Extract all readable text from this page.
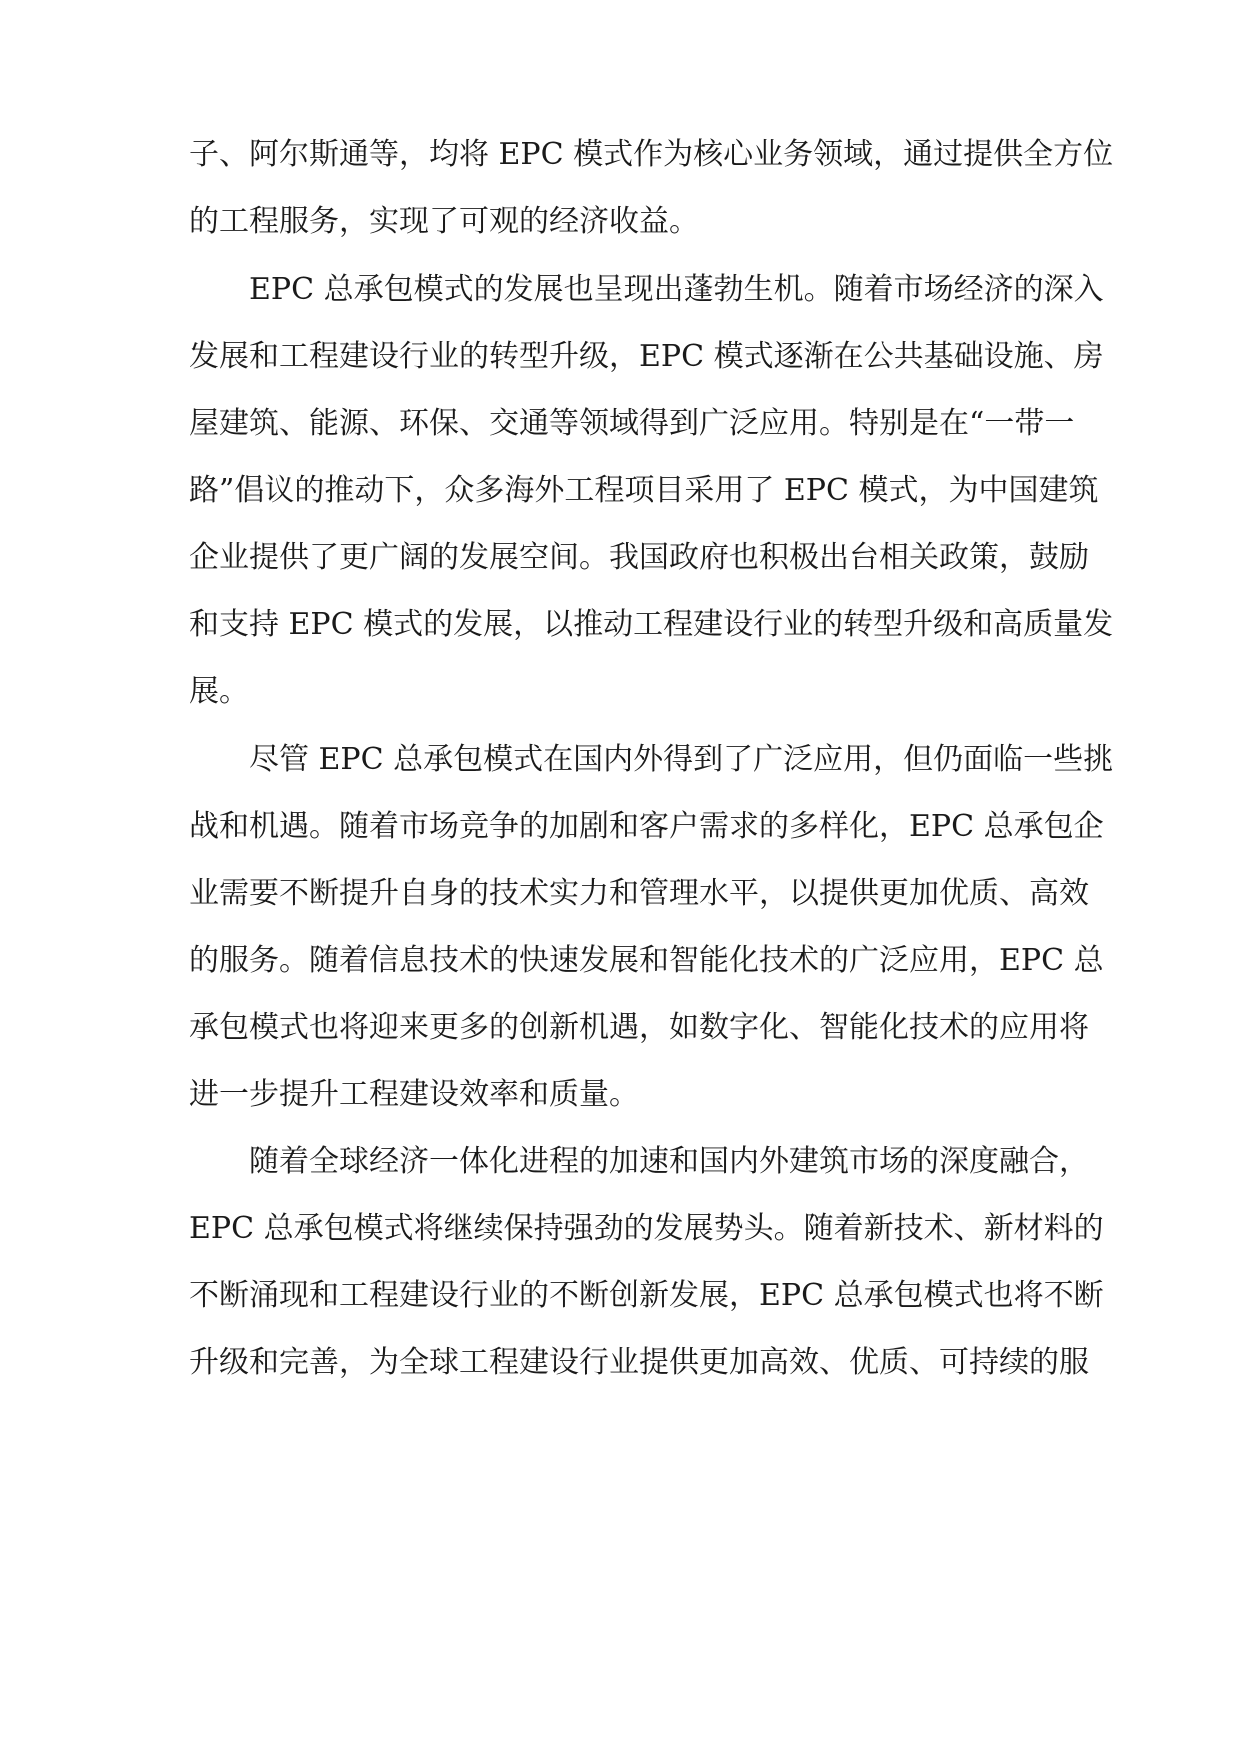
子、阿尔斯通等，均将 EPC 模式作为核心业务领域，通过提供全方位
的工程服务，实现了可观的经济收益。
EPC 总承包模式的发展也呈现出蓬勃生机。随着市场经济的深入
发展和工程建设行业的转型升级，EPC 模式逐渐在公共基础设施、房
屋建筑、能源、环保、交通等领域得到广泛应用。特别是在“一带一
路”倡议的推动下，众多海外工程项目采用了 EPC 模式，为中国建筑
企业提供了更广阔的发展空间。我国政府也积极出台相关政策，鼓励
和支持 EPC 模式的发展，以推动工程建设行业的转型升级和高质量发
展。
尽管 EPC 总承包模式在国内外得到了广泛应用，但仍面临一些挑
战和机遇。随着市场竞争的加剧和客户需求的多样化，EPC 总承包企
业需要不断提升自身的技术实力和管理水平，以提供更加优质、高效
的服务。随着信息技术的快速发展和智能化技术的广泛应用，EPC 总
承包模式也将迎来更多的创新机遇，如数字化、智能化技术的应用将
进一步提升工程建设效率和质量。
随着全球经济一体化进程的加速和国内外建筑市场的深度融合，
EPC 总承包模式将继续保持强劲的发展势头。随着新技术、新材料的
不断涌现和工程建设行业的不断创新发展，EPC 总承包模式也将不断
升级和完善，为全球工程建设行业提供更加高效、优质、可持续的服
